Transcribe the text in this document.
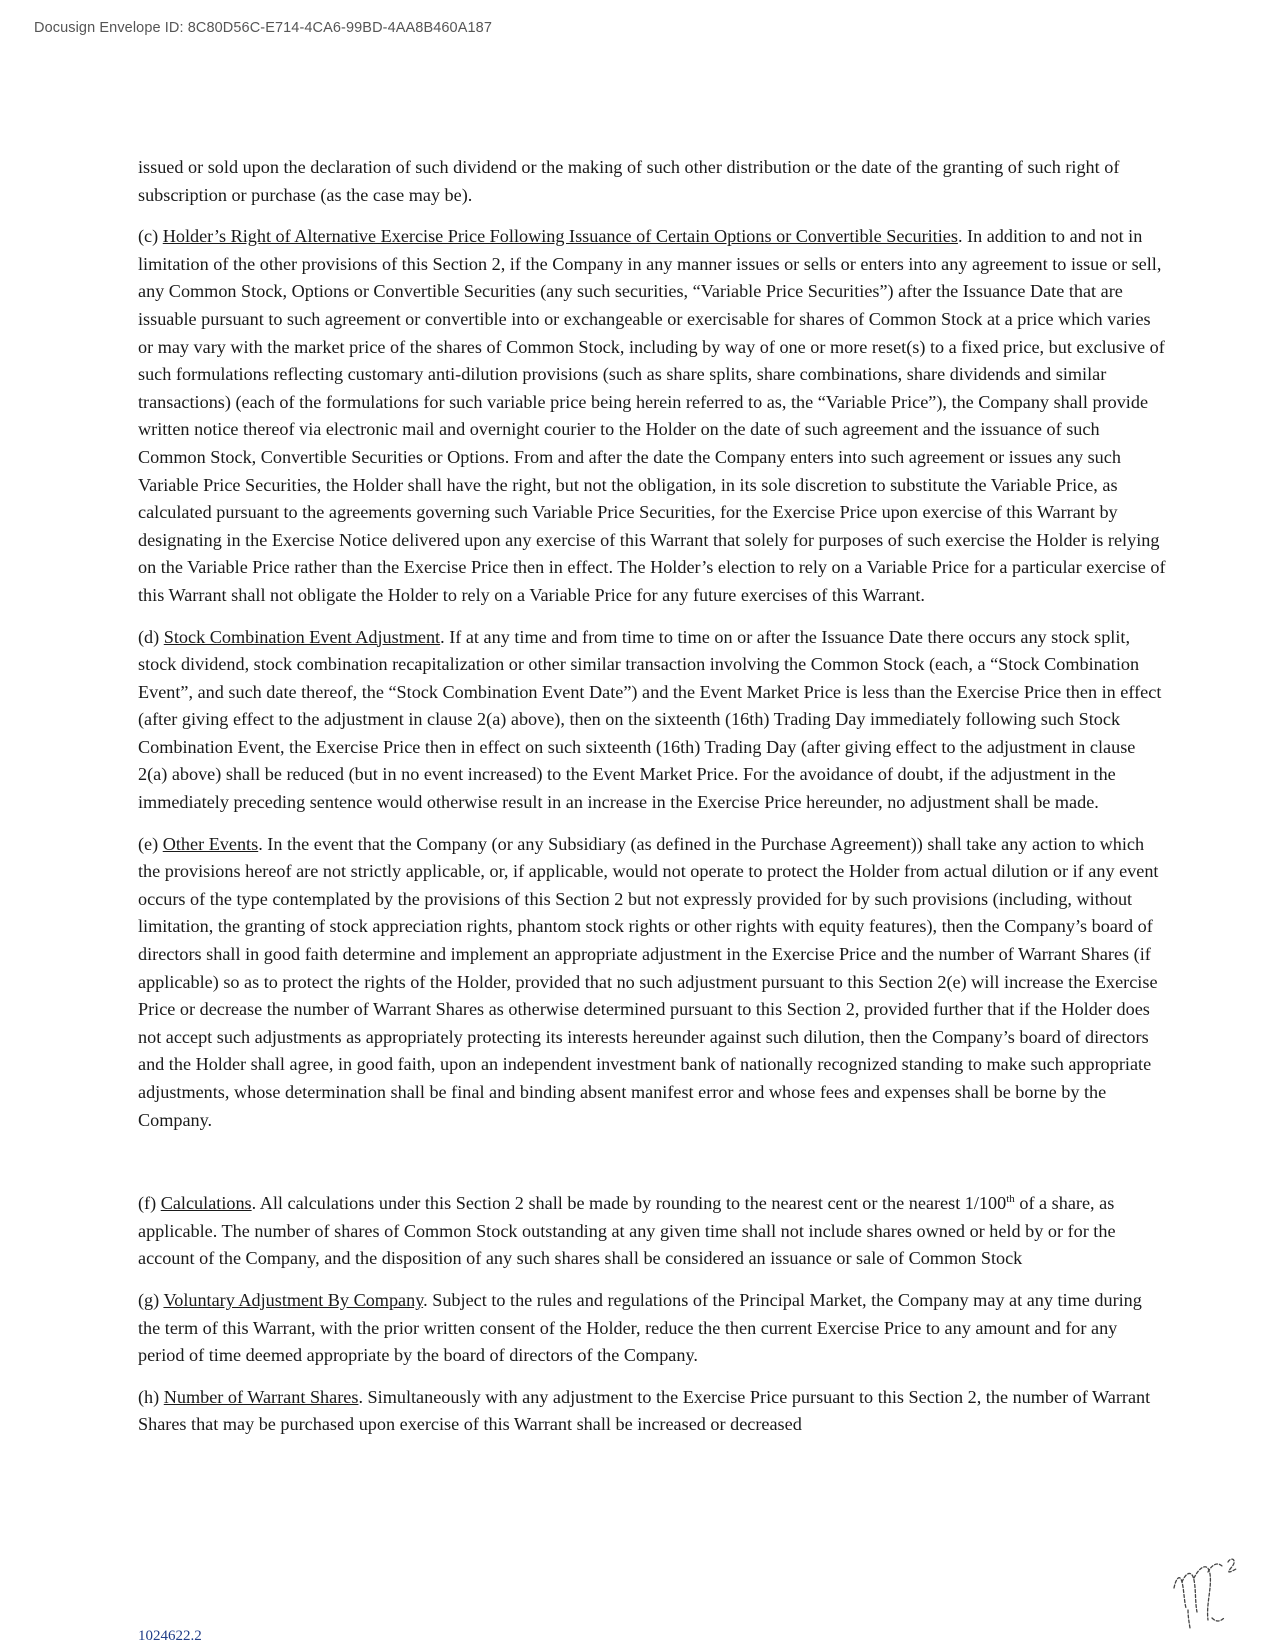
Docusign Envelope ID: 8C80D56C-E714-4CA6-99BD-4AA8B460A187

issued or sold upon the declaration of such dividend or the making of such other distribution or the date of the granting of such right of subscription or purchase (as the case may be).

(c) Holder’s Right of Alternative Exercise Price Following Issuance of Certain Options or Convertible Securities. In addition to and not in limitation of the other provisions of this Section 2, if the Company in any manner issues or sells or enters into any agreement to issue or sell, any Common Stock, Options or Convertible Securities (any such securities, “Variable Price Securities”) after the Issuance Date that are issuable pursuant to such agreement or convertible into or exchangeable or exercisable for shares of Common Stock at a price which varies or may vary with the market price of the shares of Common Stock, including by way of one or more reset(s) to a fixed price, but exclusive of such formulations reflecting customary anti-dilution provisions (such as share splits, share combinations, share dividends and similar transactions) (each of the formulations for such variable price being herein referred to as, the “Variable Price”), the Company shall provide written notice thereof via electronic mail and overnight courier to the Holder on the date of such agreement and the issuance of such Common Stock, Convertible Securities or Options. From and after the date the Company enters into such agreement or issues any such Variable Price Securities, the Holder shall have the right, but not the obligation, in its sole discretion to substitute the Variable Price, as calculated pursuant to the agreements governing such Variable Price Securities, for the Exercise Price upon exercise of this Warrant by designating in the Exercise Notice delivered upon any exercise of this Warrant that solely for purposes of such exercise the Holder is relying on the Variable Price rather than the Exercise Price then in effect. The Holder’s election to rely on a Variable Price for a particular exercise of this Warrant shall not obligate the Holder to rely on a Variable Price for any future exercises of this Warrant.

(d) Stock Combination Event Adjustment. If at any time and from time to time on or after the Issuance Date there occurs any stock split, stock dividend, stock combination recapitalization or other similar transaction involving the Common Stock (each, a “Stock Combination Event”, and such date thereof, the “Stock Combination Event Date”) and the Event Market Price is less than the Exercise Price then in effect (after giving effect to the adjustment in clause 2(a) above), then on the sixteenth (16th) Trading Day immediately following such Stock Combination Event, the Exercise Price then in effect on such sixteenth (16th) Trading Day (after giving effect to the adjustment in clause 2(a) above) shall be reduced (but in no event increased) to the Event Market Price. For the avoidance of doubt, if the adjustment in the immediately preceding sentence would otherwise result in an increase in the Exercise Price hereunder, no adjustment shall be made.

(e) Other Events. In the event that the Company (or any Subsidiary (as defined in the Purchase Agreement)) shall take any action to which the provisions hereof are not strictly applicable, or, if applicable, would not operate to protect the Holder from actual dilution or if any event occurs of the type contemplated by the provisions of this Section 2 but not expressly provided for by such provisions (including, without limitation, the granting of stock appreciation rights, phantom stock rights or other rights with equity features), then the Company’s board of directors shall in good faith determine and implement an appropriate adjustment in the Exercise Price and the number of Warrant Shares (if applicable) so as to protect the rights of the Holder, provided that no such adjustment pursuant to this Section 2(e) will increase the Exercise Price or decrease the number of Warrant Shares as otherwise determined pursuant to this Section 2, provided further that if the Holder does not accept such adjustments as appropriately protecting its interests hereunder against such dilution, then the Company’s board of directors and the Holder shall agree, in good faith, upon an independent investment bank of nationally recognized standing to make such appropriate adjustments, whose determination shall be final and binding absent manifest error and whose fees and expenses shall be borne by the Company.

(f) Calculations. All calculations under this Section 2 shall be made by rounding to the nearest cent or the nearest 1/100th of a share, as applicable. The number of shares of Common Stock outstanding at any given time shall not include shares owned or held by or for the account of the Company, and the disposition of any such shares shall be considered an issuance or sale of Common Stock

(g) Voluntary Adjustment By Company. Subject to the rules and regulations of the Principal Market, the Company may at any time during the term of this Warrant, with the prior written consent of the Holder, reduce the then current Exercise Price to any amount and for any period of time deemed appropriate by the board of directors of the Company.

(h) Number of Warrant Shares. Simultaneously with any adjustment to the Exercise Price pursuant to this Section 2, the number of Warrant Shares that may be purchased upon exercise of this Warrant shall be increased or decreased

1024622.2
